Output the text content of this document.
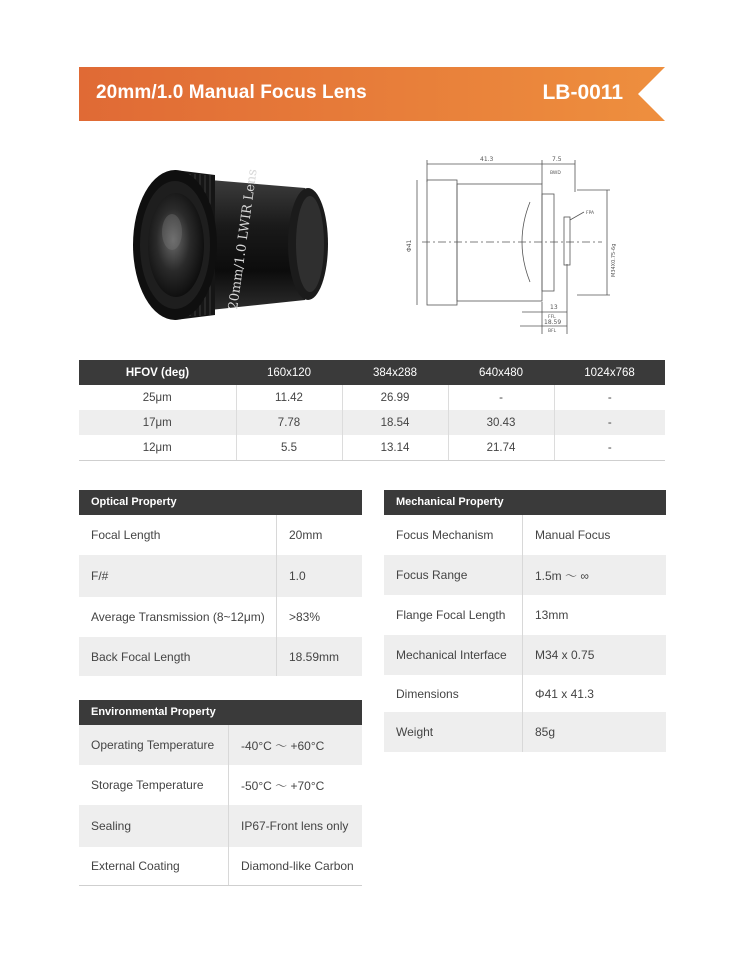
20mm/1.0 Manual Focus Lens	LB-0011
20mm/1.0 LWIR Lens
41.3	7.5
BWD
Φ41
FPA
M34X0.75-6g
13
FFL
18.59
BFL
HFOV (deg)	160x120	384x288	640x480	1024x768
25μm	11.42	26.99	-	-
17μm	7.78	18.54	30.43	-
12μm	5.5	13.14	21.74	-
Optical Property
Focal Length	20mm
F/#	1.0
Average Transmission (8~12μm)	>83%
Back Focal Length	18.59mm
Environmental Property
Operating Temperature	-40°C ～ +60°C
Storage Temperature	-50°C ～ +70°C
Sealing	IP67-Front lens only
External Coating	Diamond-like Carbon
Mechanical Property
Focus Mechanism	Manual Focus
Focus Range	1.5m ～ ∞
Flange Focal Length	13mm
Mechanical Interface	M34 x 0.75
Dimensions	Φ41 x 41.3
Weight	85g
